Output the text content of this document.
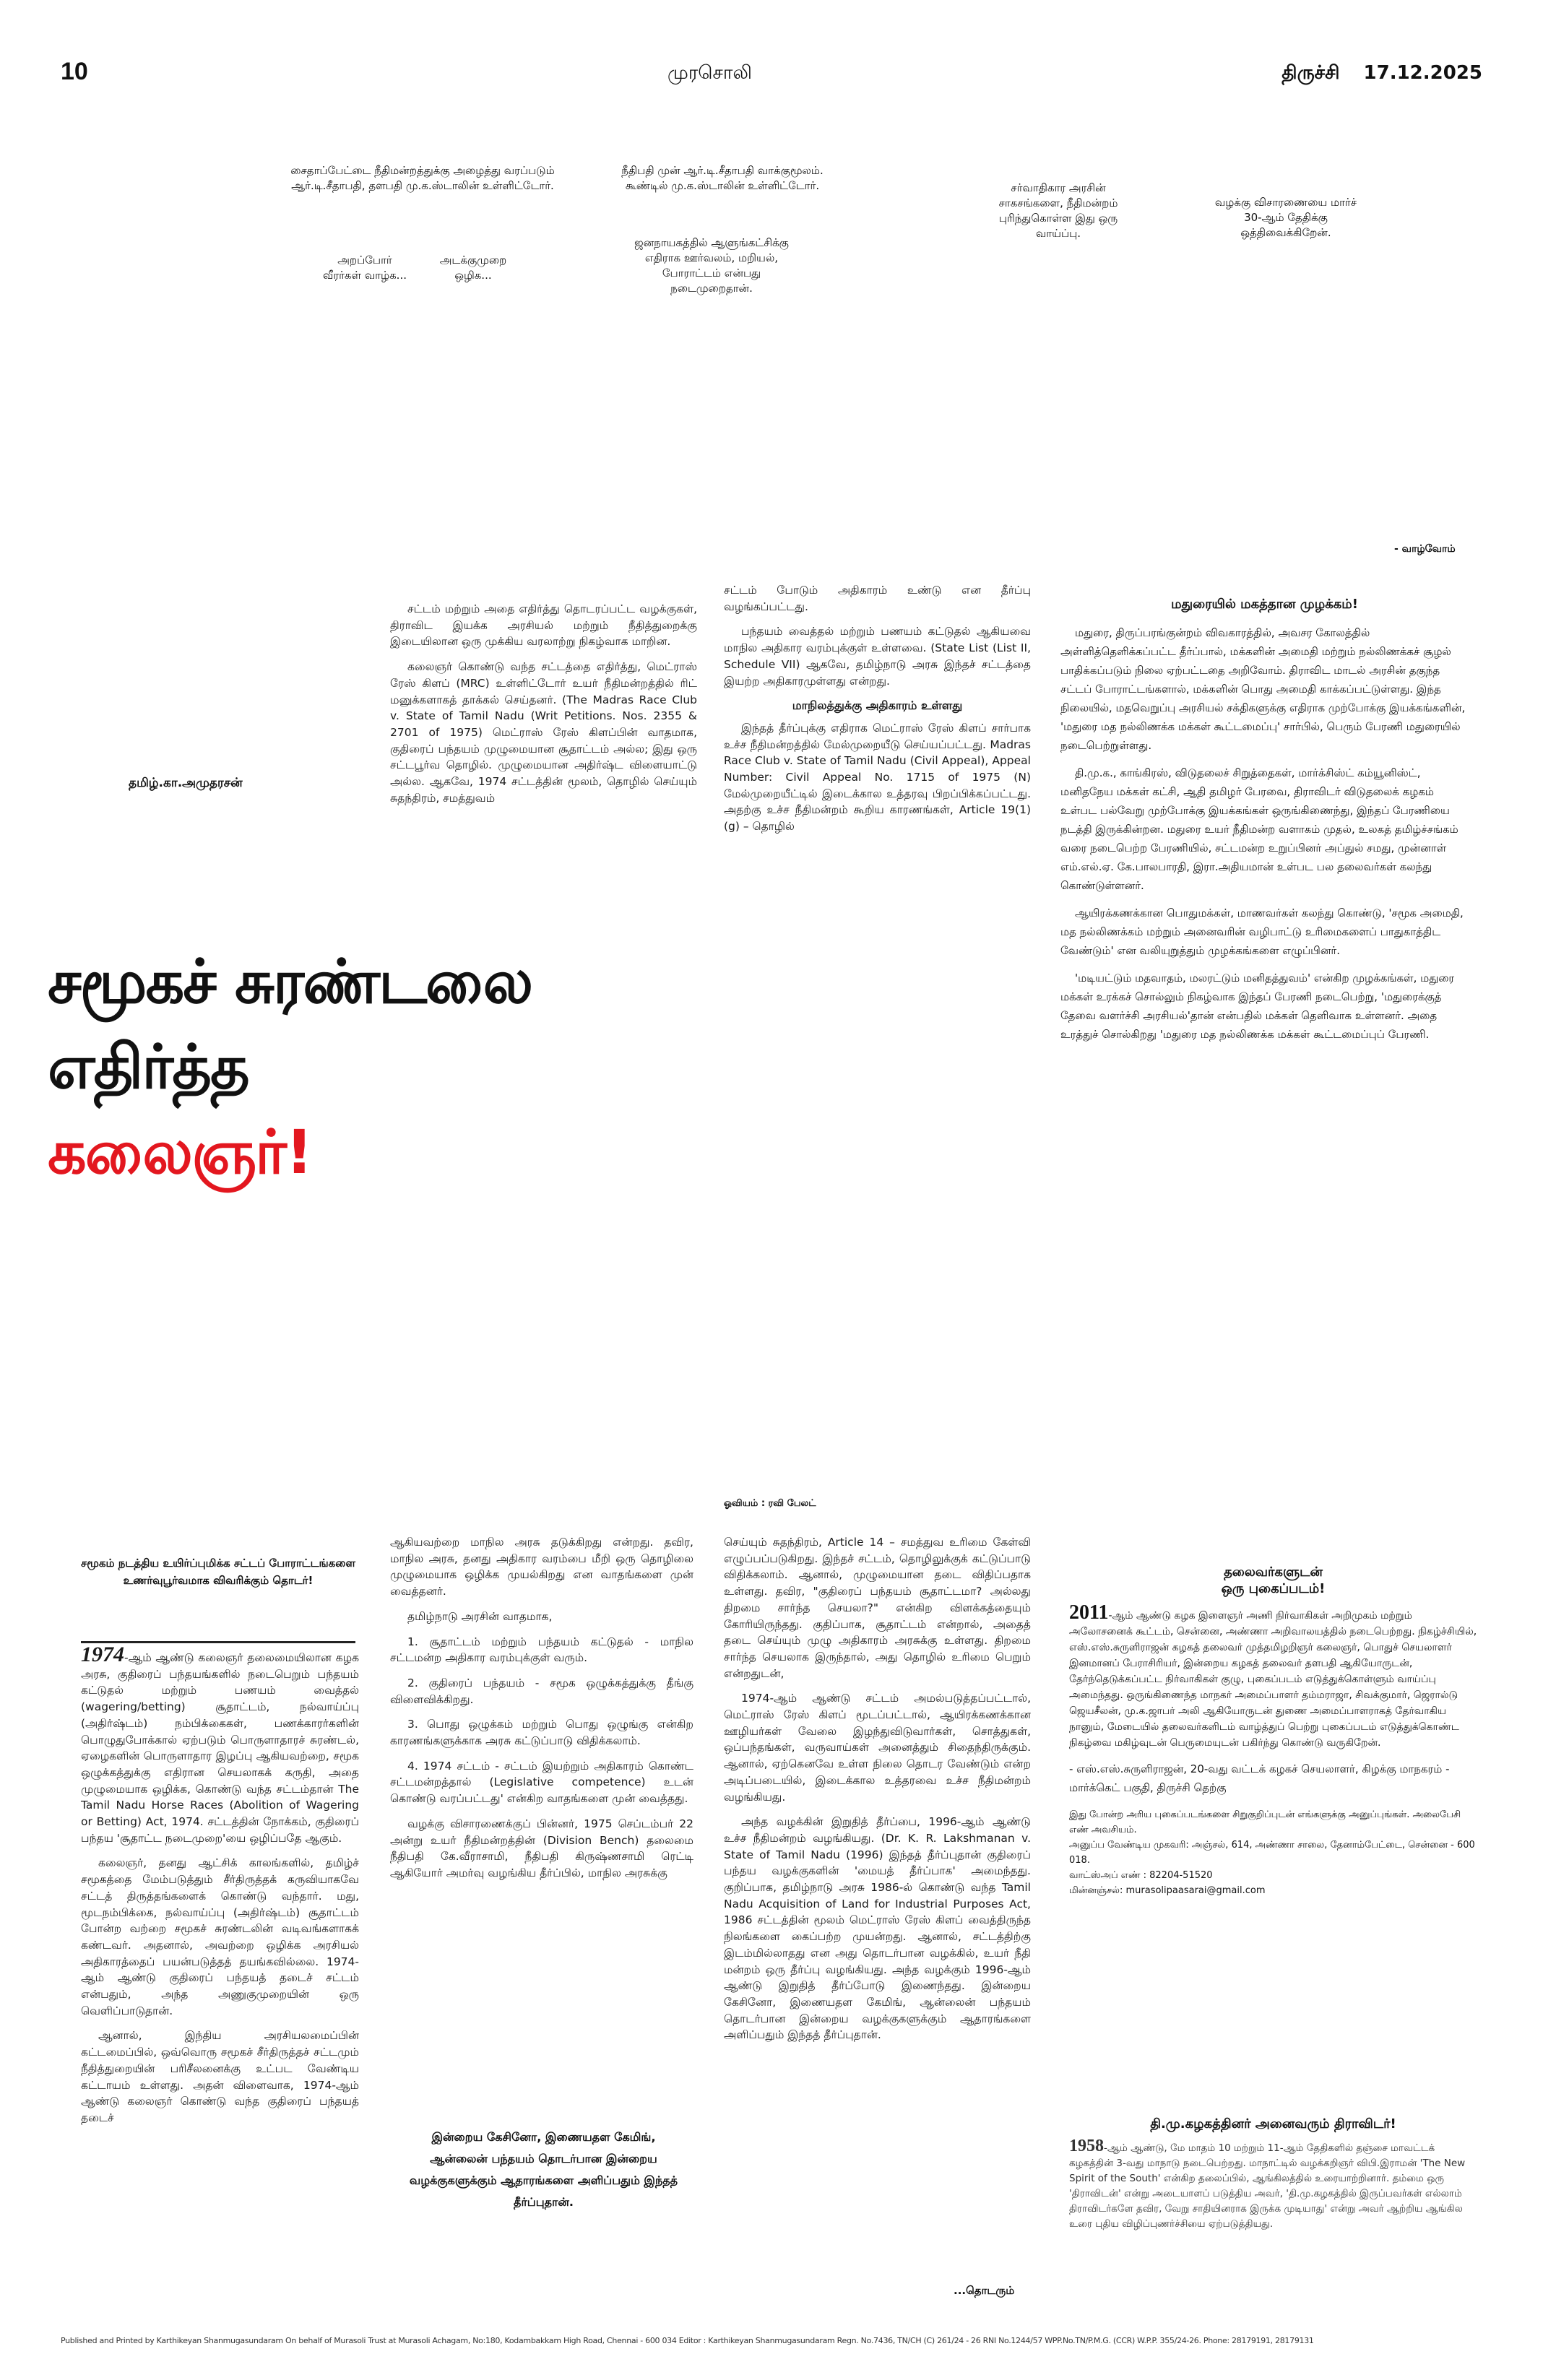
10	முரசொலி	திருச்சி 17.12.2025
சைதாப்பேட்டை நீதிமன்றத்துக்கு அழைத்து வரப்படும் ஆர்.டி.சீதாபதி, தளபதி மு.க.ஸ்டாலின் உள்ளிட்டோர்.
நீதிபதி முன் ஆர்.டி.சீதாபதி வாக்குமூலம். கூண்டில் மு.க.ஸ்டாலின் உள்ளிட்டோர்.	சர்வாதிகார அரசின் சாகசங்களை, நீதிமன்றம் புரிந்துகொள்ள இது ஒரு வாய்ப்பு.
வழக்கு விசாரணையை மார்ச் 30-ஆம் தேதிக்கு ஒத்திவைக்கிறேன்.
அறப்போர் வீரர்கள் வாழ்க...
அடக்குமுறை ஒழிக...
ஜனநாயகத்தில் ஆளுங்கட்சிக்கு எதிராக ஊர்வலம், மறியல், போராட்டம் என்பது நடைமுறைதான்.
- வாழ்வோம்
தமிழ்.கா.அமுதரசன்
சமூகச் சுரண்டலை
எதிர்த்த
கலைஞர்!

சட்டம் மற்றும் அதை எதிர்த்து தொடரப்பட்ட வழக்குகள், திராவிட இயக்க அரசியல் மற்றும் நீதித்துறைக்கு இடையிலான ஒரு முக்கிய வரலாற்று நிகழ்வாக மாறின.

கலைஞர் கொண்டு வந்த சட்டத்தை எதிர்த்து, மெட்ராஸ் ரேஸ் கிளப் (MRC) உள்ளிட்டோர் உயர் நீதிமன்றத்தில் ரிட் மனுக்களாகத் தாக்கல் செய்தனர். (The Madras Race Club v. State of Tamil Nadu (Writ Petitions. Nos. 2355 & 2701 of 1975) மெட்ராஸ் ரேஸ் கிளப்பின் வாதமாக, குதிரைப் பந்தயம் முழுமையான சூதாட்டம் அல்ல; இது ஒரு சட்டபூர்வ தொழில். முழுமையான அதிர்ஷ்ட விளையாட்டு அல்ல. ஆகவே, 1974 சட்டத்தின் மூலம், தொழில் செய்யும் சுதந்திரம், சமத்துவம்

சட்டம் போடும் அதிகாரம் உண்டு என தீர்ப்பு வழங்கப்பட்டது.

பந்தயம் வைத்தல் மற்றும் பணயம் கட்டுதல் ஆகியவை மாநில அதிகார வரம்புக்குள் உள்ளவை. (State List (List II, Schedule VII) ஆகவே, தமிழ்நாடு அரசு இந்தச் சட்டத்தை இயற்ற அதிகாரமுள்ளது என்றது.

மாநிலத்துக்கு அதிகாரம் உள்ளது

இந்தத் தீர்ப்புக்கு எதிராக மெட்ராஸ் ரேஸ் கிளப் சார்பாக உச்ச நீதிமன்றத்தில் மேல்முறையீடு செய்யப்பட்டது. Madras Race Club v. State of Tamil Nadu (Civil Appeal), Appeal Number: Civil Appeal No. 1715 of 1975 (N) மேல்முறையீட்டில் இடைக்கால உத்தரவு பிறப்பிக்கப்பட்டது. அதற்கு உச்ச நீதிமன்றம் கூறிய காரணங்கள், Article 19(1)(g) – தொழில்

மதுரையில் மகத்தான முழக்கம்!

மதுரை, திருப்பரங்குன்றம் விவகாரத்தில், அவசர கோலத்தில் அள்ளித்தெளிக்கப்பட்ட தீர்ப்பால், மக்களின் அமைதி மற்றும் நல்லிணக்கச் சூழல் பாதிக்கப்படும் நிலை ஏற்பட்டதை அறிவோம். திராவிட மாடல் அரசின் தகுந்த சட்டப் போராட்டங்களால், மக்களின் பொது அமைதி காக்கப்பட்டுள்ளது. இந்த நிலையில், மதவெறுப்பு அரசியல் சக்திகளுக்கு எதிராக முற்போக்கு இயக்கங்களின், 'மதுரை மத நல்லிணக்க மக்கள் கூட்டமைப்பு' சார்பில், பெரும் பேரணி மதுரையில் நடைபெற்றுள்ளது.

தி.மு.க., காங்கிரஸ், விடுதலைச் சிறுத்தைகள், மார்க்சிஸ்ட் கம்யூனிஸ்ட், மனிதநேய மக்கள் கட்சி, ஆதி தமிழர் பேரவை, திராவிடர் விடுதலைக் கழகம் உள்பட பல்வேறு முற்போக்கு இயக்கங்கள் ஒருங்கிணைந்து, இந்தப் பேரணியை நடத்தி இருக்கின்றன. மதுரை உயர் நீதிமன்ற வளாகம் முதல், உலகத் தமிழ்ச்சங்கம் வரை நடைபெற்ற பேரணியில், சட்டமன்ற உறுப்பினர் அப்துல் சமது, முன்னாள் எம்.எல்.ஏ. கே.பாலபாரதி, இரா.அதியமான் உள்பட பல தலைவர்கள் கலந்து கொண்டுள்ளனர்.

ஆயிரக்கணக்கான பொதுமக்கள், மாணவர்கள் கலந்து கொண்டு, 'சமூக அமைதி, மத நல்லிணக்கம் மற்றும் அனைவரின் வழிபாட்டு உரிமைகளைப் பாதுகாத்திட வேண்டும்' என வலியுறுத்தும் முழக்கங்களை எழுப்பினர்.

'மடியட்டும் மதவாதம், மலரட்டும் மனிதத்துவம்' என்கிற முழக்கங்கள், மதுரை மக்கள் உரக்கச் சொல்லும் நிகழ்வாக இந்தப் பேரணி நடைபெற்று, 'மதுரைக்குத் தேவை வளர்ச்சி அரசியல்'தான் என்பதில் மக்கள் தெளிவாக உள்ளனர். அதை உரத்துச் சொல்கிறது 'மதுரை மத நல்லிணக்க மக்கள் கூட்டமைப்புப் பேரணி.

ஓவியம் : ரவி பேலட்
சமூகம் நடத்திய உயிர்ப்புமிக்க சட்டப் போராட்டங்களை உணர்வுபூர்வமாக விவரிக்கும் தொடர்!

1974-ஆம் ஆண்டு கலைஞர் தலைமையிலான கழக அரசு, குதிரைப் பந்தயங்களில் நடைபெறும் பந்தயம் கட்டுதல் மற்றும் பணயம் வைத்தல் (wagering/betting) சூதாட்டம், நல்வாய்ப்பு (அதிர்ஷ்டம்) நம்பிக்கைகள், பணக்காரர்களின் பொழுதுபோக்கால் ஏற்படும் பொருளாதாரச் சுரண்டல், ஏழைகளின் பொருளாதார இழப்பு ஆகியவற்றை, சமூக ஒழுக்கத்துக்கு எதிரான செயலாகக் கருதி, அதை முழுமையாக ஒழிக்க, கொண்டு வந்த சட்டம்தான் The Tamil Nadu Horse Races (Abolition of Wagering or Betting) Act, 1974. சட்டத்தின் நோக்கம், குதிரைப் பந்தய 'சூதாட்ட நடைமுறை'யை ஒழிப்பதே ஆகும்.

கலைஞர், தனது ஆட்சிக் காலங்களில், தமிழ்ச் சமூகத்தை மேம்படுத்தும் சீர்திருத்தக் கருவியாகவே சட்டத் திருத்தங்களைக் கொண்டு வந்தார். மது, மூடநம்பிக்கை, நல்வாய்ப்பு (அதிர்ஷ்டம்) சூதாட்டம் போன்ற வற்றை சமூகச் சுரண்டலின் வடிவங்களாகக் கண்டவர். அதனால், அவற்றை ஒழிக்க அரசியல் அதிகாரத்தைப் பயன்படுத்தத் தயங்கவில்லை. 1974-ஆம் ஆண்டு குதிரைப் பந்தயத் தடைச் சட்டம் என்பதும், அந்த அணுகுமுறையின் ஒரு வெளிப்பாடுதான்.

ஆனால், இந்திய அரசியலமைப்பின் கட்டமைப்பில், ஒவ்வொரு சமூகச் சீர்திருத்தச் சட்டமும் நீதித்துறையின் பரிசீலனைக்கு உட்பட வேண்டிய கட்டாயம் உள்ளது. அதன் விளைவாக, 1974-ஆம் ஆண்டு கலைஞர் கொண்டு வந்த குதிரைப் பந்தயத் தடைச்

ஆகியவற்றை மாநில அரசு தடுக்கிறது என்றது. தவிர, மாநில அரசு, தனது அதிகார வரம்பை மீறி ஒரு தொழிலை முழுமையாக ஒழிக்க முயல்கிறது என வாதங்களை முன் வைத்தனர்.

தமிழ்நாடு அரசின் வாதமாக,

1. சூதாட்டம் மற்றும் பந்தயம் கட்டுதல் - மாநில சட்டமன்ற அதிகார வரம்புக்குள் வரும்.

2. குதிரைப் பந்தயம் - சமூக ஒழுக்கத்துக்கு தீங்கு விளைவிக்கிறது.

3. பொது ஒழுக்கம் மற்றும் பொது ஒழுங்கு என்கிற காரணங்களுக்காக அரசு கட்டுப்பாடு விதிக்கலாம்.

4. 1974 சட்டம் - சட்டம் இயற்றும் அதிகாரம் கொண்ட சட்டமன்றத்தால் (Legislative competence) உடன் கொண்டு வரப்பட்டது' என்கிற வாதங்களை முன் வைத்தது.

வழக்கு விசாரணைக்குப் பின்னர், 1975 செப்டம்பர் 22 அன்று உயர் நீதிமன்றத்தின் (Division Bench) தலைமை நீதிபதி கே.வீராசாமி, நீதிபதி கிருஷ்ணசாமி ரெட்டி ஆகியோர் அமர்வு வழங்கிய தீர்ப்பில், மாநில அரசுக்கு

இன்றைய கேசினோ, இணையதள கேமிங், ஆன்லைன் பந்தயம் தொடர்பான இன்றைய வழக்குகளுக்கும் ஆதாரங்களை அளிப்பதும் இந்தத் தீர்ப்புதான்.

செய்யும் சுதந்திரம், Article 14 – சமத்துவ உரிமை கேள்வி எழுப்பப்படுகிறது. இந்தச் சட்டம், தொழிலுக்குக் கட்டுப்பாடு விதிக்கலாம். ஆனால், முழுமையான தடை விதிப்பதாக உள்ளது. தவிர, "குதிரைப் பந்தயம் சூதாட்டமா? அல்லது திறமை சார்ந்த செயலா?" என்கிற விளக்கத்தையும் கோரியிருந்தது. குதிப்பாக, சூதாட்டம் என்றால், அதைத் தடை செய்யும் முழு அதிகாரம் அரசுக்கு உள்ளது. திறமை சார்ந்த செயலாக இருந்தால், அது தொழில் உரிமை பெறும் என்றதுடன்,

1974-ஆம் ஆண்டு சட்டம் அமல்படுத்தப்பட்டால், மெட்ராஸ் ரேஸ் கிளப் மூடப்பட்டால், ஆயிரக்கணக்கான ஊழியர்கள் வேலை இழந்துவிடுவார்கள், சொத்துகள், ஒப்பந்தங்கள், வருவாய்கள் அனைத்தும் சிதைந்திருக்கும். ஆனால், ஏற்கெனவே உள்ள நிலை தொடர வேண்டும் என்ற அடிப்படையில், இடைக்கால உத்தரவை உச்ச நீதிமன்றம் வழங்கியது.

அந்த வழக்கின் இறுதித் தீர்ப்பை, 1996-ஆம் ஆண்டு உச்ச நீதிமன்றம் வழங்கியது. (Dr. K. R. Lakshmanan v. State of Tamil Nadu (1996) இந்தத் தீர்ப்புதான் குதிரைப் பந்தய வழக்குகளின் 'மையத் தீர்ப்பாக' அமைந்தது. குறிப்பாக, தமிழ்நாடு அரசு 1986-ல் கொண்டு வந்த Tamil Nadu Acquisition of Land for Industrial Purposes Act, 1986 சட்டத்தின் மூலம் மெட்ராஸ் ரேஸ் கிளப் வைத்திருந்த நிலங்களை கைப்பற்ற முயன்றது. ஆனால், சட்டத்திற்கு இடம்மில்லாதது என அது தொடர்பான வழக்கில், உயர் நீதி மன்றம் ஒரு தீர்ப்பு வழங்கியது. அந்த வழக்கும் 1996-ஆம் ஆண்டு இறுதித் தீர்ப்போடு இணைந்தது. இன்றைய கேசினோ, இணையதள கேமிங், ஆன்லைன் பந்தயம் தொடர்பான இன்றைய வழக்குகளுக்கும் ஆதாரங்களை அளிப்பதும் இந்தத் தீர்ப்புதான்.

...தொடரும்
தலைவர்களுடன்
ஒரு புகைப்படம்!
2011-ஆம் ஆண்டு கழக இளைஞர் அணி நிர்வாகிகள் அறிமுகம் மற்றும் அலோசனைக் கூட்டம், சென்னை, அண்ணா அறிவாலயத்தில் நடைபெற்றது. நிகழ்ச்சியில், எஸ்.எஸ்.சுருளிராஜன் கழகத் தலைவர் முத்தமிழறிஞர் கலைஞர், பொதுச் செயலாளர் இனமானப் பேராசிரியர், இன்றைய கழகத் தலைவர் தளபதி ஆகியோருடன், தேர்ந்தெடுக்கப்பட்ட நிர்வாகிகள் குழு, புகைப்படம் எடுத்துக்கொள்ளும் வாய்ப்பு அமைந்தது. ஒருங்கிணைந்த மாநகர் அமைப்பாளர் தம்மராஜா, சிவக்குமார், ஜெரால்டு ஜெயசீலன், மு.க.ஜாபர் அலி ஆகியோருடன் துணை அமைப்பாளராகத் தேர்வாகிய நானும், மேடையில் தலைவர்களிடம் வாழ்த்துப் பெற்று புகைப்படம் எடுத்துக்கொண்ட நிகழ்வை மகிழ்வுடன் பெருமையுடன் பகிர்ந்து கொண்டு வருகிறேன்.
- எஸ்.எஸ்.சுருளிராஜன், 20-வது வட்டக் கழகச் செயலாளர், கிழக்கு மாநகரம் - மார்க்கெட் பகுதி, திருச்சி தெற்கு
இது போன்ற அரிய புகைப்படங்களை சிறுகுறிப்புடன் எங்களுக்கு அனுப்புங்கள். அலைபேசி எண் அவசியம்.
அனுப்ப வேண்டிய முகவரி: அஞ்சல், 614, அண்ணா சாலை, தேனாம்பேட்டை, சென்னை - 600 018.
வாட்ஸ்அப் எண் : 82204-51520
மின்னஞ்சல்: murasolipaasarai@gmail.com
தி.மு.கழகத்தினர் அனைவரும் திராவிடர்!
1958-ஆம் ஆண்டு, மே மாதம் 10 மற்றும் 11-ஆம் தேதிகளில் தஞ்சை மாவட்டக் கழகத்தின் 3-வது மாநாடு நடைபெற்றது. மாநாட்டில் வழக்கறிஞர் விபி.இராமன் 'The New Spirit of the South' என்கிற தலைப்பில், ஆங்கிலத்தில் உரையாற்றினார். தம்மை ஒரு 'திராவிடன்' என்று அடையாளப் படுத்திய அவர், 'தி.மு.கழகத்தில் இருப்பவர்கள் எல்லாம் திராவிடர்களே தவிர, வேறு சாதியினராக இருக்க முடியாது' என்று அவர் ஆற்றிய ஆங்கில உரை புதிய விழிப்புணர்ச்சியை ஏற்படுத்தியது.
Published and Printed by Karthikeyan Shanmugasundaram On behalf of Murasoli Trust at Murasoli Achagam, No:180, Kodambakkam High Road, Chennai - 600 034 Editor : Karthikeyan Shanmugasundaram Regn. No.7436, TN/CH (C) 261/24 - 26 RNI No.1244/57 WPP.No.TN/P.M.G. (CCR) W.P.P. 355/24-26. Phone: 28179191, 28179131
